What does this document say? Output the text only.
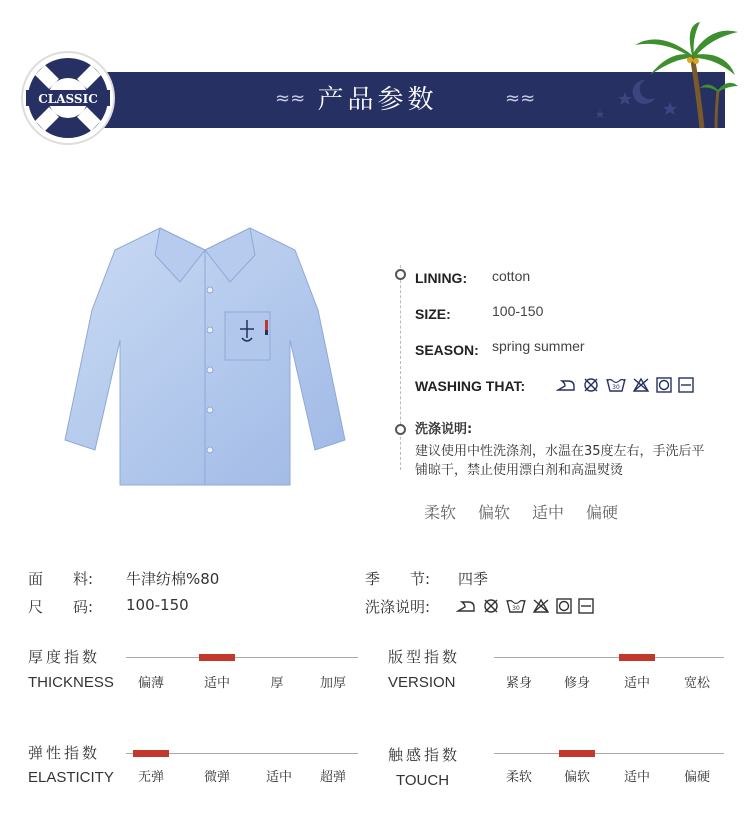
产品参数
≈≈	≈≈
CLASSIC
LINING: cotton
SIZE:	100-150
SEASON: spring summer
WASHING THAT:	30
洗涤说明:
建议使用中性洗涤剂，水温在35度左右，手洗后平铺晾干，禁止使用漂白剂和高温熨烫
柔软 偏软 适中 偏硬
面　　料: 牛津纺棉%80
尺　　码: 100-150
季　　节: 四季
洗涤说明:	30
厚度指数
THICKNESS	偏薄	适中	厚	加厚
版型指数
VERSION	紧身	修身	适中	宽松
弹性指数
ELASTICITY	无弹	微弹	适中	超弹
触感指数
TOUCH	柔软	偏软	适中	偏硬
